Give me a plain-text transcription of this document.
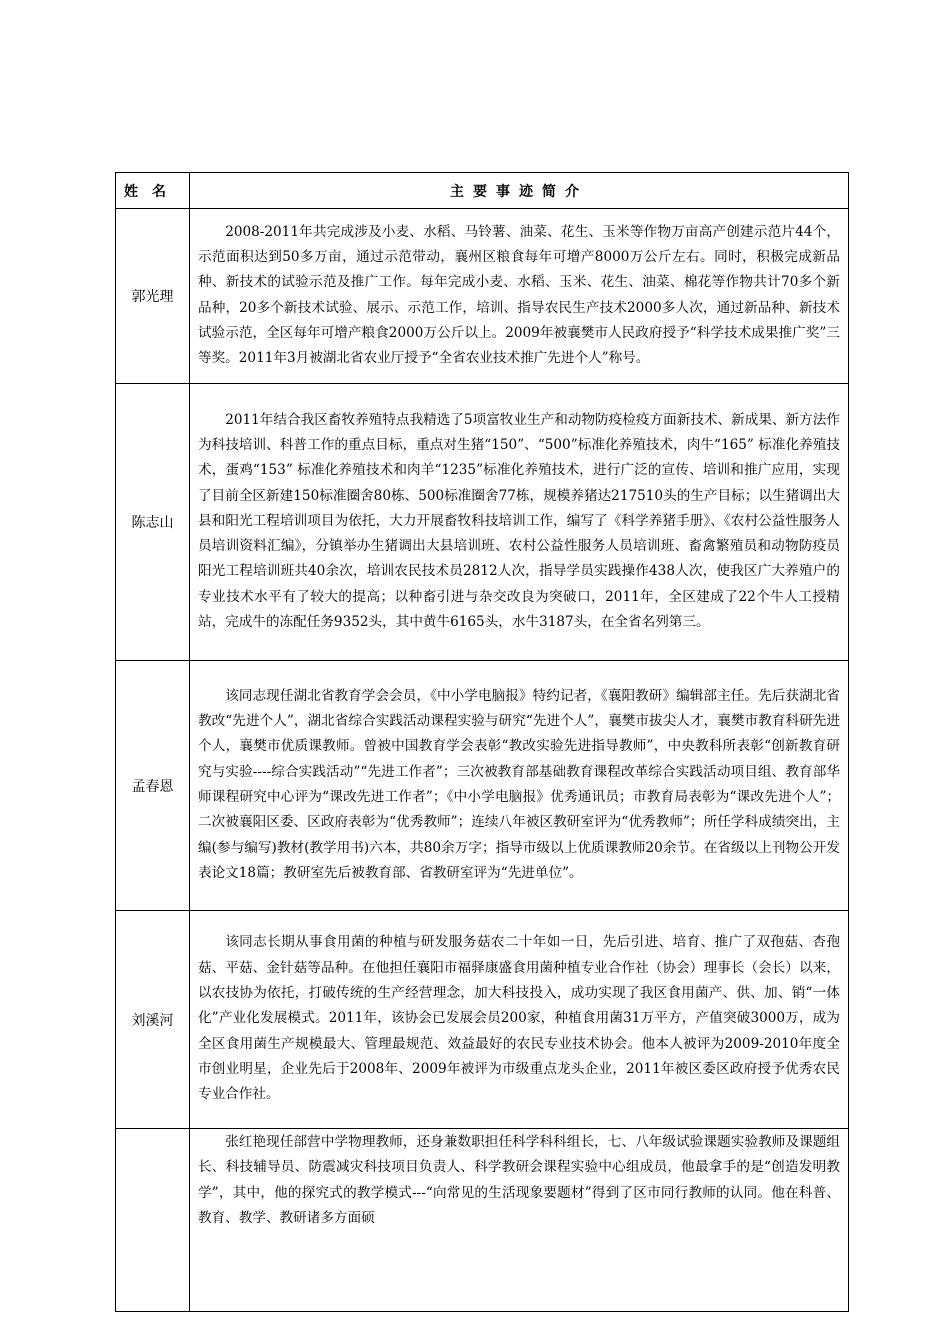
姓名	主要事迹简介
郭光理	2008-2011年共完成涉及小麦、水稻、马铃薯、油菜、花生、玉米等作物万亩高产创建示范片44个，示范面积达到50多万亩，通过示范带动，襄州区粮食每年可增产8000万公斤左右。同时，积极完成新品种、新技术的试验示范及推广工作。每年完成小麦、水稻、玉米、花生、油菜、棉花等作物共计70多个新品种，20多个新技术试验、展示、示范工作，培训、指导农民生产技术2000多人次，通过新品种、新技术试验示范，全区每年可增产粮食2000万公斤以上。2009年被襄樊市人民政府授予“科学技术成果推广奖”三等奖。2011年3月被湖北省农业厅授予“全省农业技术推广先进个人”称号。
陈志山	2011年结合我区畜牧养殖特点我精选了5项富牧业生产和动物防疫检疫方面新技术、新成果、新方法作为科技培训、科普工作的重点目标，重点对生猪“150”、“500”标准化养殖技术，肉牛“165” 标准化养殖技术，蛋鸡“153” 标准化养殖技术和肉羊“1235”标准化养殖技术，进行广泛的宣传、培训和推广应用，实现了目前全区新建150标准圈舍80栋、500标准圈舍77栋，规模养猪达217510头的生产目标；以生猪调出大县和阳光工程培训项目为依托，大力开展畜牧科技培训工作，编写了《科学养猪手册》、《农村公益性服务人员培训资料汇编》，分镇举办生猪调出大县培训班、农村公益性服务人员培训班、畜禽繁殖员和动物防疫员阳光工程培训班共40余次，培训农民技术员2812人次，指导学员实践操作438人次，使我区广大养殖户的专业技术水平有了较大的提高；以种畜引进与杂交改良为突破口，2011年，全区建成了22个牛人工授精站，完成牛的冻配任务9352头，其中黄牛6165头，水牛3187头，在全省名列第三。
孟春恩	该同志现任湖北省教育学会会员，《中小学电脑报》特约记者，《襄阳教研》编辑部主任。先后获湖北省教改“先进个人”，湖北省综合实践活动课程实验与研究“先进个人”，襄樊市拔尖人才，襄樊市教育科研先进个人，襄樊市优质课教师。曾被中国教育学会表彰“教改实验先进指导教师”，中央教科所表彰“创新教育研究与实验----综合实践活动”“先进工作者”；三次被教育部基础教育课程改革综合实践活动项目组、教育部华师课程研究中心评为“课改先进工作者”；《中小学电脑报》优秀通讯员；市教育局表彰为“课改先进个人”；二次被襄阳区委、区政府表彰为“优秀教师”；连续八年被区教研室评为“优秀教师”；所任学科成绩突出，主编(参与编写)教材(教学用书)六本，共80余万字；指导市级以上优质课教师20余节。在省级以上刊物公开发表论文18篇；教研室先后被教育部、省教研室评为“先进单位”。
刘溪河	该同志长期从事食用菌的种植与研发服务菇农二十年如一日，先后引进、培育、推广了双孢菇、杏孢菇、平菇、金针菇等品种。在他担任襄阳市福驿康盛食用菌种植专业合作社（协会）理事长（会长）以来，以农技协为依托，打破传统的生产经营理念，加大科技投入，成功实现了我区食用菌产、供、加、销“一体化”产业化发展模式。2011年，该协会已发展会员200家，种植食用菌31万平方，产值突破3000万，成为全区食用菌生产规模最大、管理最规范、效益最好的农民专业技术协会。他本人被评为2009-2010年度全市创业明星，企业先后于2008年、2009年被评为市级重点龙头企业，2011年被区委区政府授予优秀农民专业合作社。
	张红艳现任部营中学物理教师，还身兼数职担任科学科科组长，七、八年级试验课题实验教师及课题组长、科技辅导员、防震减灾科技项目负责人、科学教研会课程实验中心组成员，他最拿手的是“创造发明教学”，其中，他的探究式的教学模式---“向常见的生活现象要题材”得到了区市同行教师的认同。他在科普、教育、教学、教研诸多方面硕
